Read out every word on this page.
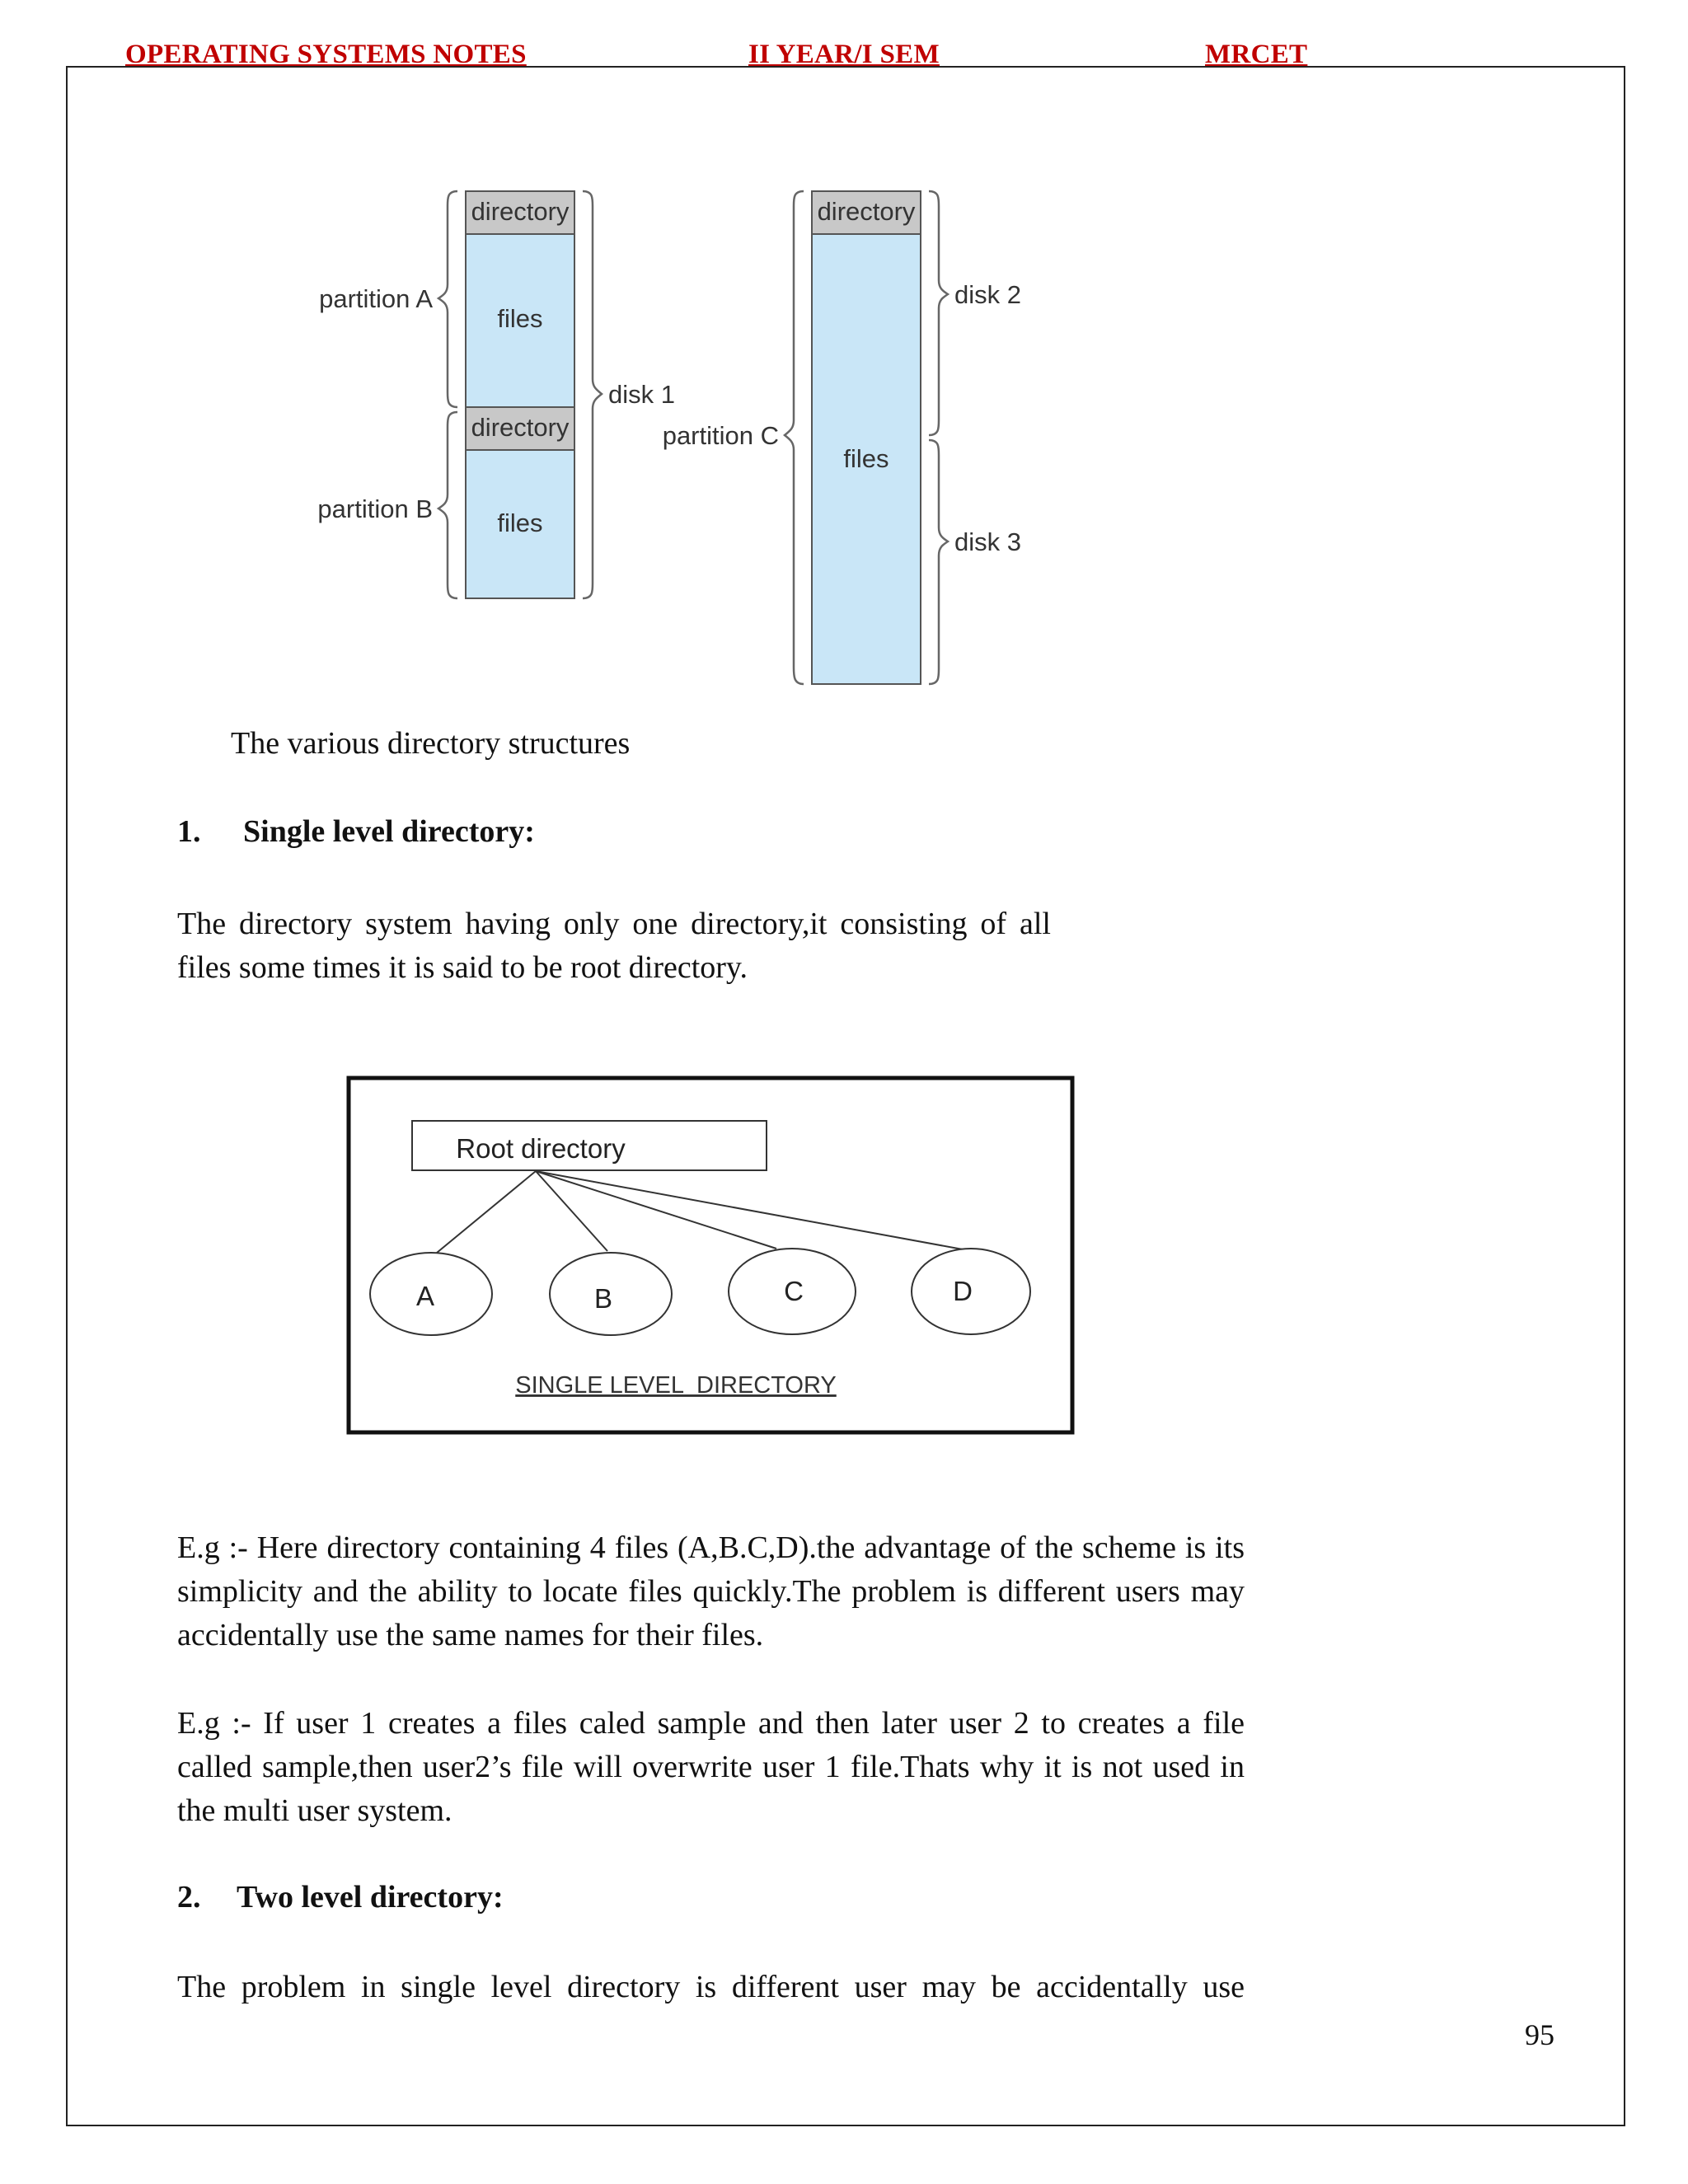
OPERATING SYSTEMS NOTES	II YEAR/I SEM	MRCET
directory
files
directory
files
partition A
partition B
disk 1
directory
files
partition C
disk 2
disk 3
The various directory structures
1. Single level directory:
The directory system having only one directory,it consisting of all files some times it is said to be root directory.
Root directory
A	B	C	D
SINGLE LEVEL  DIRECTORY
E.g :- Here directory containing 4 files (A,B.C,D).the advantage of the scheme is its simplicity and the ability to locate files quickly.The problem is different users may accidentally use the same names for their files.
E.g :- If user 1 creates a files caled sample and then later user 2 to creates a file called sample,then user2’s file will overwrite user 1 file.Thats why it is not used in the multi user system.
2. Two level directory:
The problem in single level directory is different user may be accidentally use
95
